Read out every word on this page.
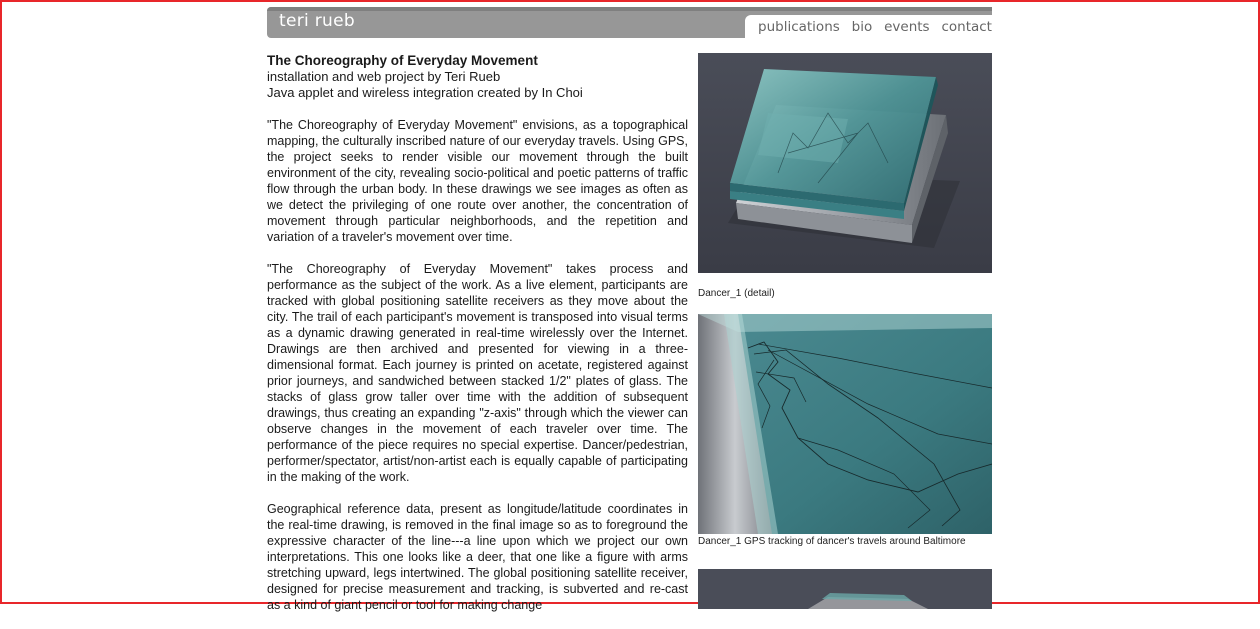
teri rueb	publications bio events contact

The Choreography of Everyday Movement
installation and web project by Teri Rueb
Java applet and wireless integration created by In Choi

"The Choreography of Everyday Movement" envisions, as a topographical mapping, the culturally inscribed nature of our everyday travels. Using GPS, the project seeks to render visible our movement through the built environment of the city, revealing socio-political and poetic patterns of traffic flow through the urban body. In these drawings we see images as often as we detect the privileging of one route over another, the concentration of movement through particular neighborhoods, and the repetition and variation of a traveler's movement over time.

"The Choreography of Everyday Movement" takes process and performance as the subject of the work. As a live element, participants are tracked with global positioning satellite receivers as they move about the city. The trail of each participant's movement is transposed into visual terms as a dynamic drawing generated in real-time wirelessly over the Internet. Drawings are then archived and presented for viewing in a three-dimensional format. Each journey is printed on acetate, registered against prior journeys, and sandwiched between stacked 1/2" plates of glass. The stacks of glass grow taller over time with the addition of subsequent drawings, thus creating an expanding "z-axis" through which the viewer can observe changes in the movement of each traveler over time. The performance of the piece requires no special expertise. Dancer/pedestrian, performer/spectator, artist/non-artist each is equally capable of participating in the making of the work.

Geographical reference data, present as longitude/latitude coordinates in the real-time drawing, is removed in the final image so as to foreground the expressive character of the line---a line upon which we project our own interpretations. This one looks like a deer, that one like a figure with arms stretching upward, legs intertwined. The global positioning satellite receiver, designed for precise measurement and tracking, is subverted and re-cast as a kind of giant pencil or tool for making change

Dancer_1 (detail)
Dancer_1 GPS tracking of dancer's travels around Baltimore
